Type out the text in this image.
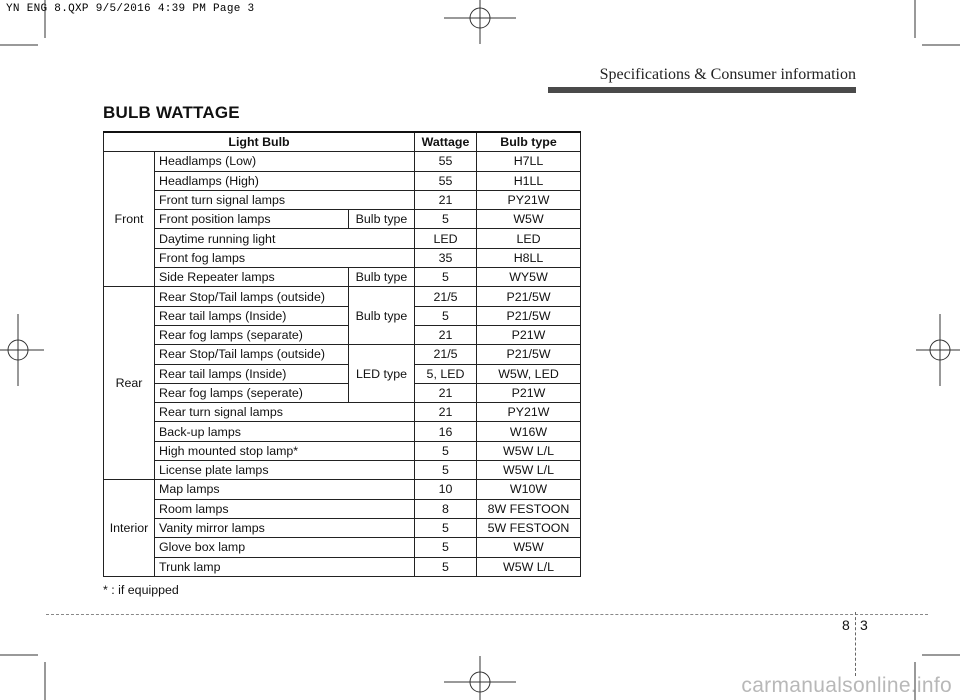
YN ENG 8.QXP 9/5/2016 4:39 PM Page 3
Specifications & Consumer information
BULB WATTAGE
Light Bulb			Wattage	Bulb type
Front	Headlamps (Low)		55	H7LL
	Headlamps (High)		55	H1LL
	Front turn signal lamps		21	PY21W
	Front position lamps	Bulb type	5	W5W
	Daytime running light		LED	LED
	Front fog lamps		35	H8LL
	Side Repeater lamps	Bulb type	5	WY5W
Rear	Rear Stop/Tail lamps (outside)	Bulb type	21/5	P21/5W
	Rear tail lamps (Inside)		5	P21/5W
	Rear fog lamps (separate)		21	P21W
	Rear Stop/Tail lamps (outside)	LED type	21/5	P21/5W
	Rear tail lamps (Inside)		5, LED	W5W, LED
	Rear fog lamps (seperate)		21	P21W
	Rear turn signal lamps		21	PY21W
	Back-up lamps		16	W16W
	High mounted stop lamp*		5	W5W L/L
	License plate lamps		5	W5W L/L
Interior	Map lamps		10	W10W
	Room lamps		8	8W FESTOON
	Vanity mirror lamps		5	5W FESTOON
	Glove box lamp		5	W5W
	Trunk lamp		5	W5W L/L
* : if equipped
8 3
carmanualsonline.info
